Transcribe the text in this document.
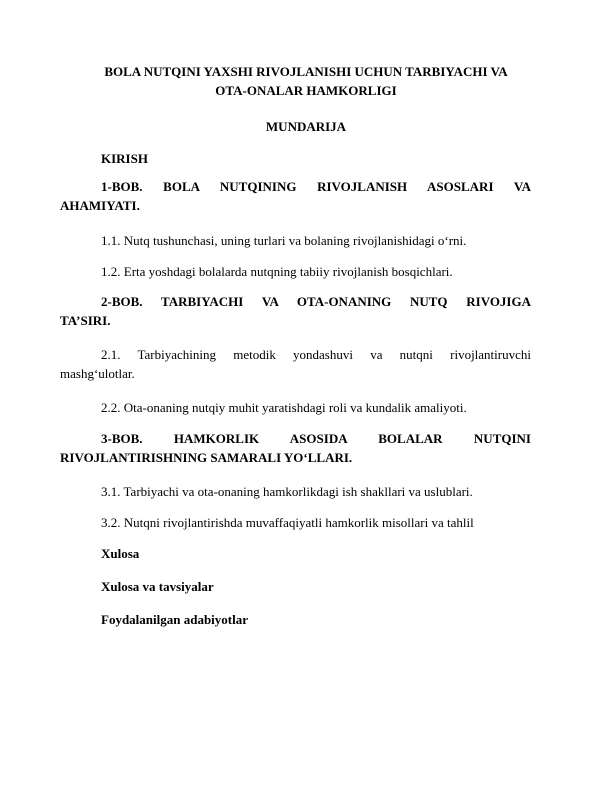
BOLA NUTQINI YAXSHI RIVOJLANISHI UCHUN TARBIYACHI VA

OTA-ONALAR HAMKORLIGI

MUNDARIJA

KIRISH

1-BOB. BOLA NUTQINING RIVOJLANISH ASOSLARI VA

AHAMIYATI.

1.1. Nutq tushunchasi, uning turlari va bolaning rivojlanishidagi o‘rni.

1.2. Erta yoshdagi bolalarda nutqning tabiiy rivojlanish bosqichlari.

2-BOB. TARBIYACHI VA OTA-ONANING NUTQ RIVOJIGA

TA’SIRI.

2.1. Tarbiyachining metodik yondashuvi va nutqni rivojlantiruvchi

mashg‘ulotlar.

2.2. Ota-onaning nutqiy muhit yaratishdagi roli va kundalik amaliyoti.

3-BOB. HAMKORLIK ASOSIDA BOLALAR NUTQINI

RIVOJLANTIRISHNING SAMARALI YO‘LLARI.

3.1. Tarbiyachi va ota-onaning hamkorlikdagi ish shakllari va uslublari.

3.2. Nutqni rivojlantirishda muvaffaqiyatli hamkorlik misollari va tahlil

Xulosa

Xulosa va tavsiyalar

Foydalanilgan adabiyotlar
